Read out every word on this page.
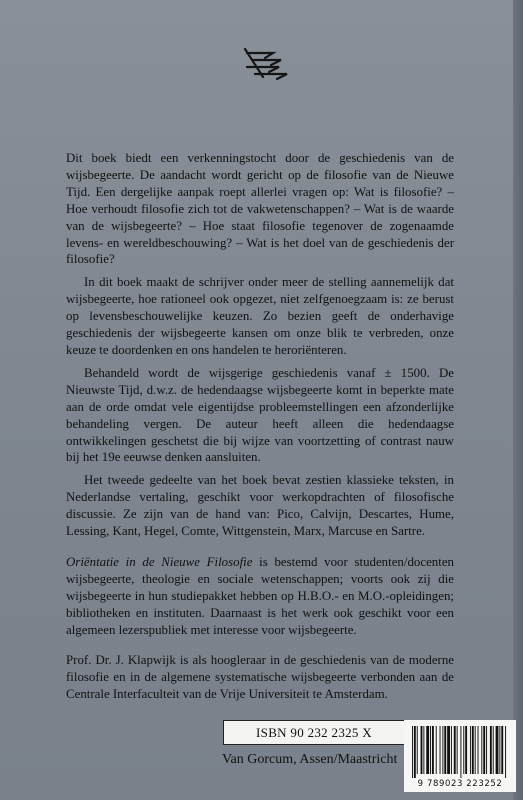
Dit boek biedt een verkenningstocht door de geschiedenis van de wijsbegeerte. De aandacht wordt gericht op de filosofie van de Nieuwe Tijd. Een dergelijke aanpak roept allerlei vragen op: Wat is filosofie? – Hoe verhoudt filosofie zich tot de vakwetenschappen? – Wat is de waarde van de wijsbegeerte? – Hoe staat filosofie tegenover de zogenaamde levens- en wereldbeschouwing? – Wat is het doel van de geschiedenis der filosofie?

In dit boek maakt de schrijver onder meer de stelling aannemelijk dat wijsbegeerte, hoe rationeel ook opgezet, niet zelfgenoegzaam is: ze berust op levensbeschouwelijke keuzen. Zo bezien geeft de onderhavige geschiedenis der wijsbegeerte kansen om onze blik te verbreden, onze keuze te doordenken en ons handelen te heroriënteren.

Behandeld wordt de wijsgerige geschiedenis vanaf ± 1500. De Nieuwste Tijd, d.w.z. de hedendaagse wijsbegeerte komt in beperkte mate aan de orde omdat vele eigentijdse probleemstellingen een afzonderlijke behandeling vergen. De auteur heeft alleen die hedendaagse ontwikkelingen geschetst die bij wijze van voortzetting of contrast nauw bij het 19e eeuwse denken aansluiten.

Het tweede gedeelte van het boek bevat zestien klassieke teksten, in Nederlandse vertaling, geschikt voor werkopdrachten of filosofische discussie. Ze zijn van de hand van: Pico, Calvijn, Descartes, Hume, Lessing, Kant, Hegel, Comte, Wittgenstein, Marx, Marcuse en Sartre.

Oriëntatie in de Nieuwe Filosofie is bestemd voor studenten/docenten wijsbegeerte, theologie en sociale wetenschappen; voorts ook zij die wijsbegeerte in hun studiepakket hebben op H.B.O.- en M.O.-opleidingen; bibliotheken en instituten. Daarnaast is het werk ook geschikt voor een algemeen lezerspubliek met interesse voor wijsbegeerte.

Prof. Dr. J. Klapwijk is als hoogleraar in de geschiedenis van de moderne filosofie en in de algemene systematische wijsbegeerte verbonden aan de Centrale Interfaculteit van de Vrije Universiteit te Amsterdam.

ISBN 90 232 2325 X
Van Gorcum, Assen/Maastricht
9 789023 223252
